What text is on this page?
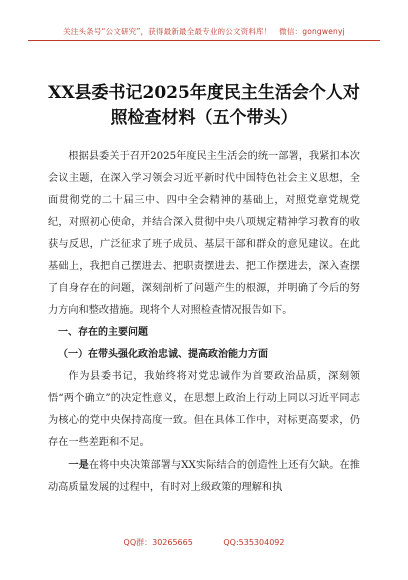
关注头条号“公文研究”，获得最新最全最专业的公文资料库！　微信：gongwenyj
XX县委书记2025年度民主生活会个人对
照检查材料（五个带头）

根据县委关于召开2025年度民主生活会的统一部署，我紧扣本次会议主题，在深入学习领会习近平新时代中国特色社会主义思想，全面贯彻党的二十届三中、四中全会精神的基础上，对照党章党规党纪，对照初心使命，并结合深入贯彻中央八项规定精神学习教育的收获与反思，广泛征求了班子成员、基层干部和群众的意见建议。在此基础上，我把自己摆进去、把职责摆进去、把工作摆进去，深入查摆了自身存在的问题，深刻剖析了问题产生的根源，并明确了今后的努力方向和整改措施。现将个人对照检查情况报告如下。

一、存在的主要问题

（一）在带头强化政治忠诚、提高政治能力方面

作为县委书记，我始终将对党忠诚作为首要政治品质，深刻领悟“两个确立”的决定性意义，在思想上政治上行动上同以习近平同志为核心的党中央保持高度一致。但在具体工作中，对标更高要求，仍存在一些差距和不足。

一是在将中央决策部署与XX实际结合的创造性上还有欠缺。在推动高质量发展的过程中，有时对上级政策的理解和执

QQ群：30265665	QQ:535304092
